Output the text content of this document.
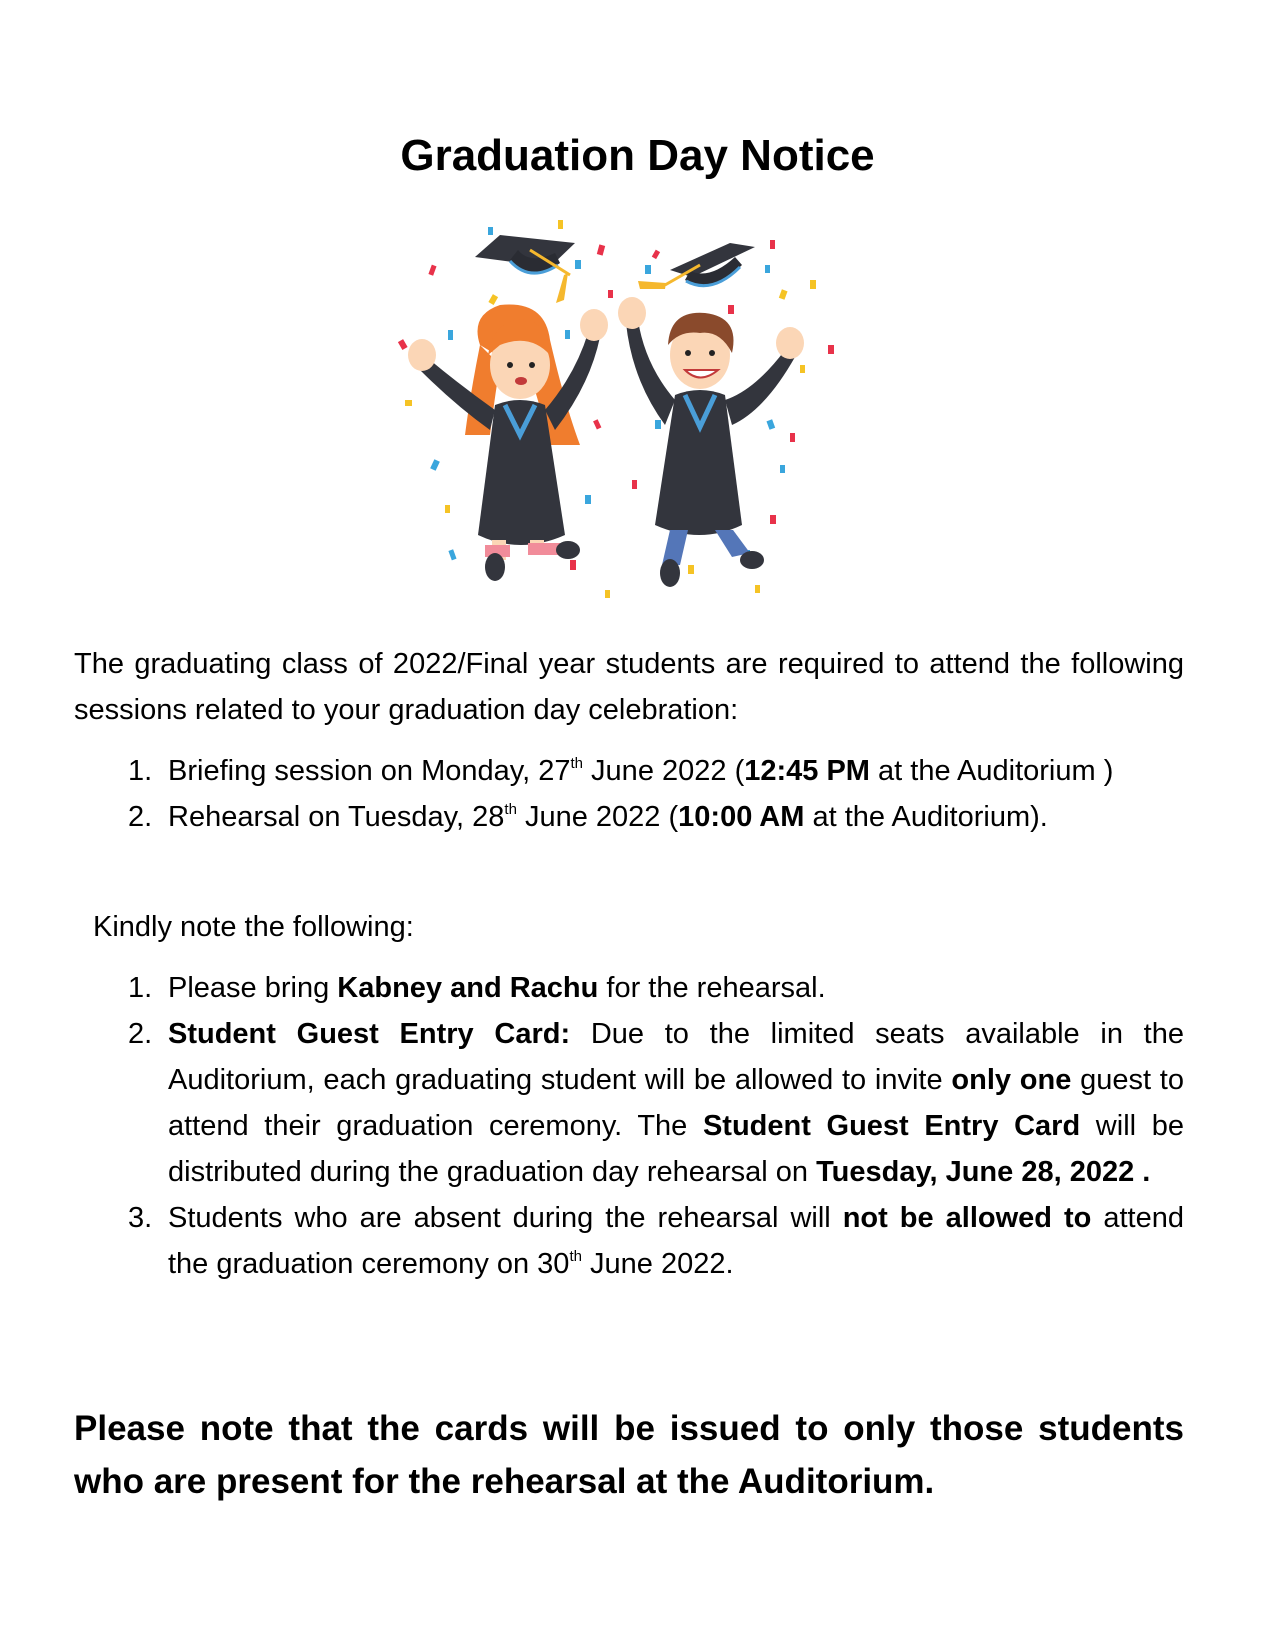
Graduation Day Notice
The graduating class of 2022/Final year students are required to attend the following sessions related to your graduation day celebration:
1. Briefing session on Monday, 27th June 2022 (12:45 PM at the Auditorium )
2. Rehearsal on Tuesday, 28th June 2022 (10:00 AM at the Auditorium).
Kindly note the following:
1. Please bring Kabney and Rachu for the rehearsal.
2. Student Guest Entry Card: Due to the limited seats available in the Auditorium, each graduating student will be allowed to invite only one guest to attend their graduation ceremony. The Student Guest Entry Card will be distributed during the graduation day rehearsal on Tuesday, June 28, 2022 .
3. Students who are absent during the rehearsal will not be allowed to attend the graduation ceremony on 30th June 2022.
Please note that the cards will be issued to only those students who are present for the rehearsal at the Auditorium.
